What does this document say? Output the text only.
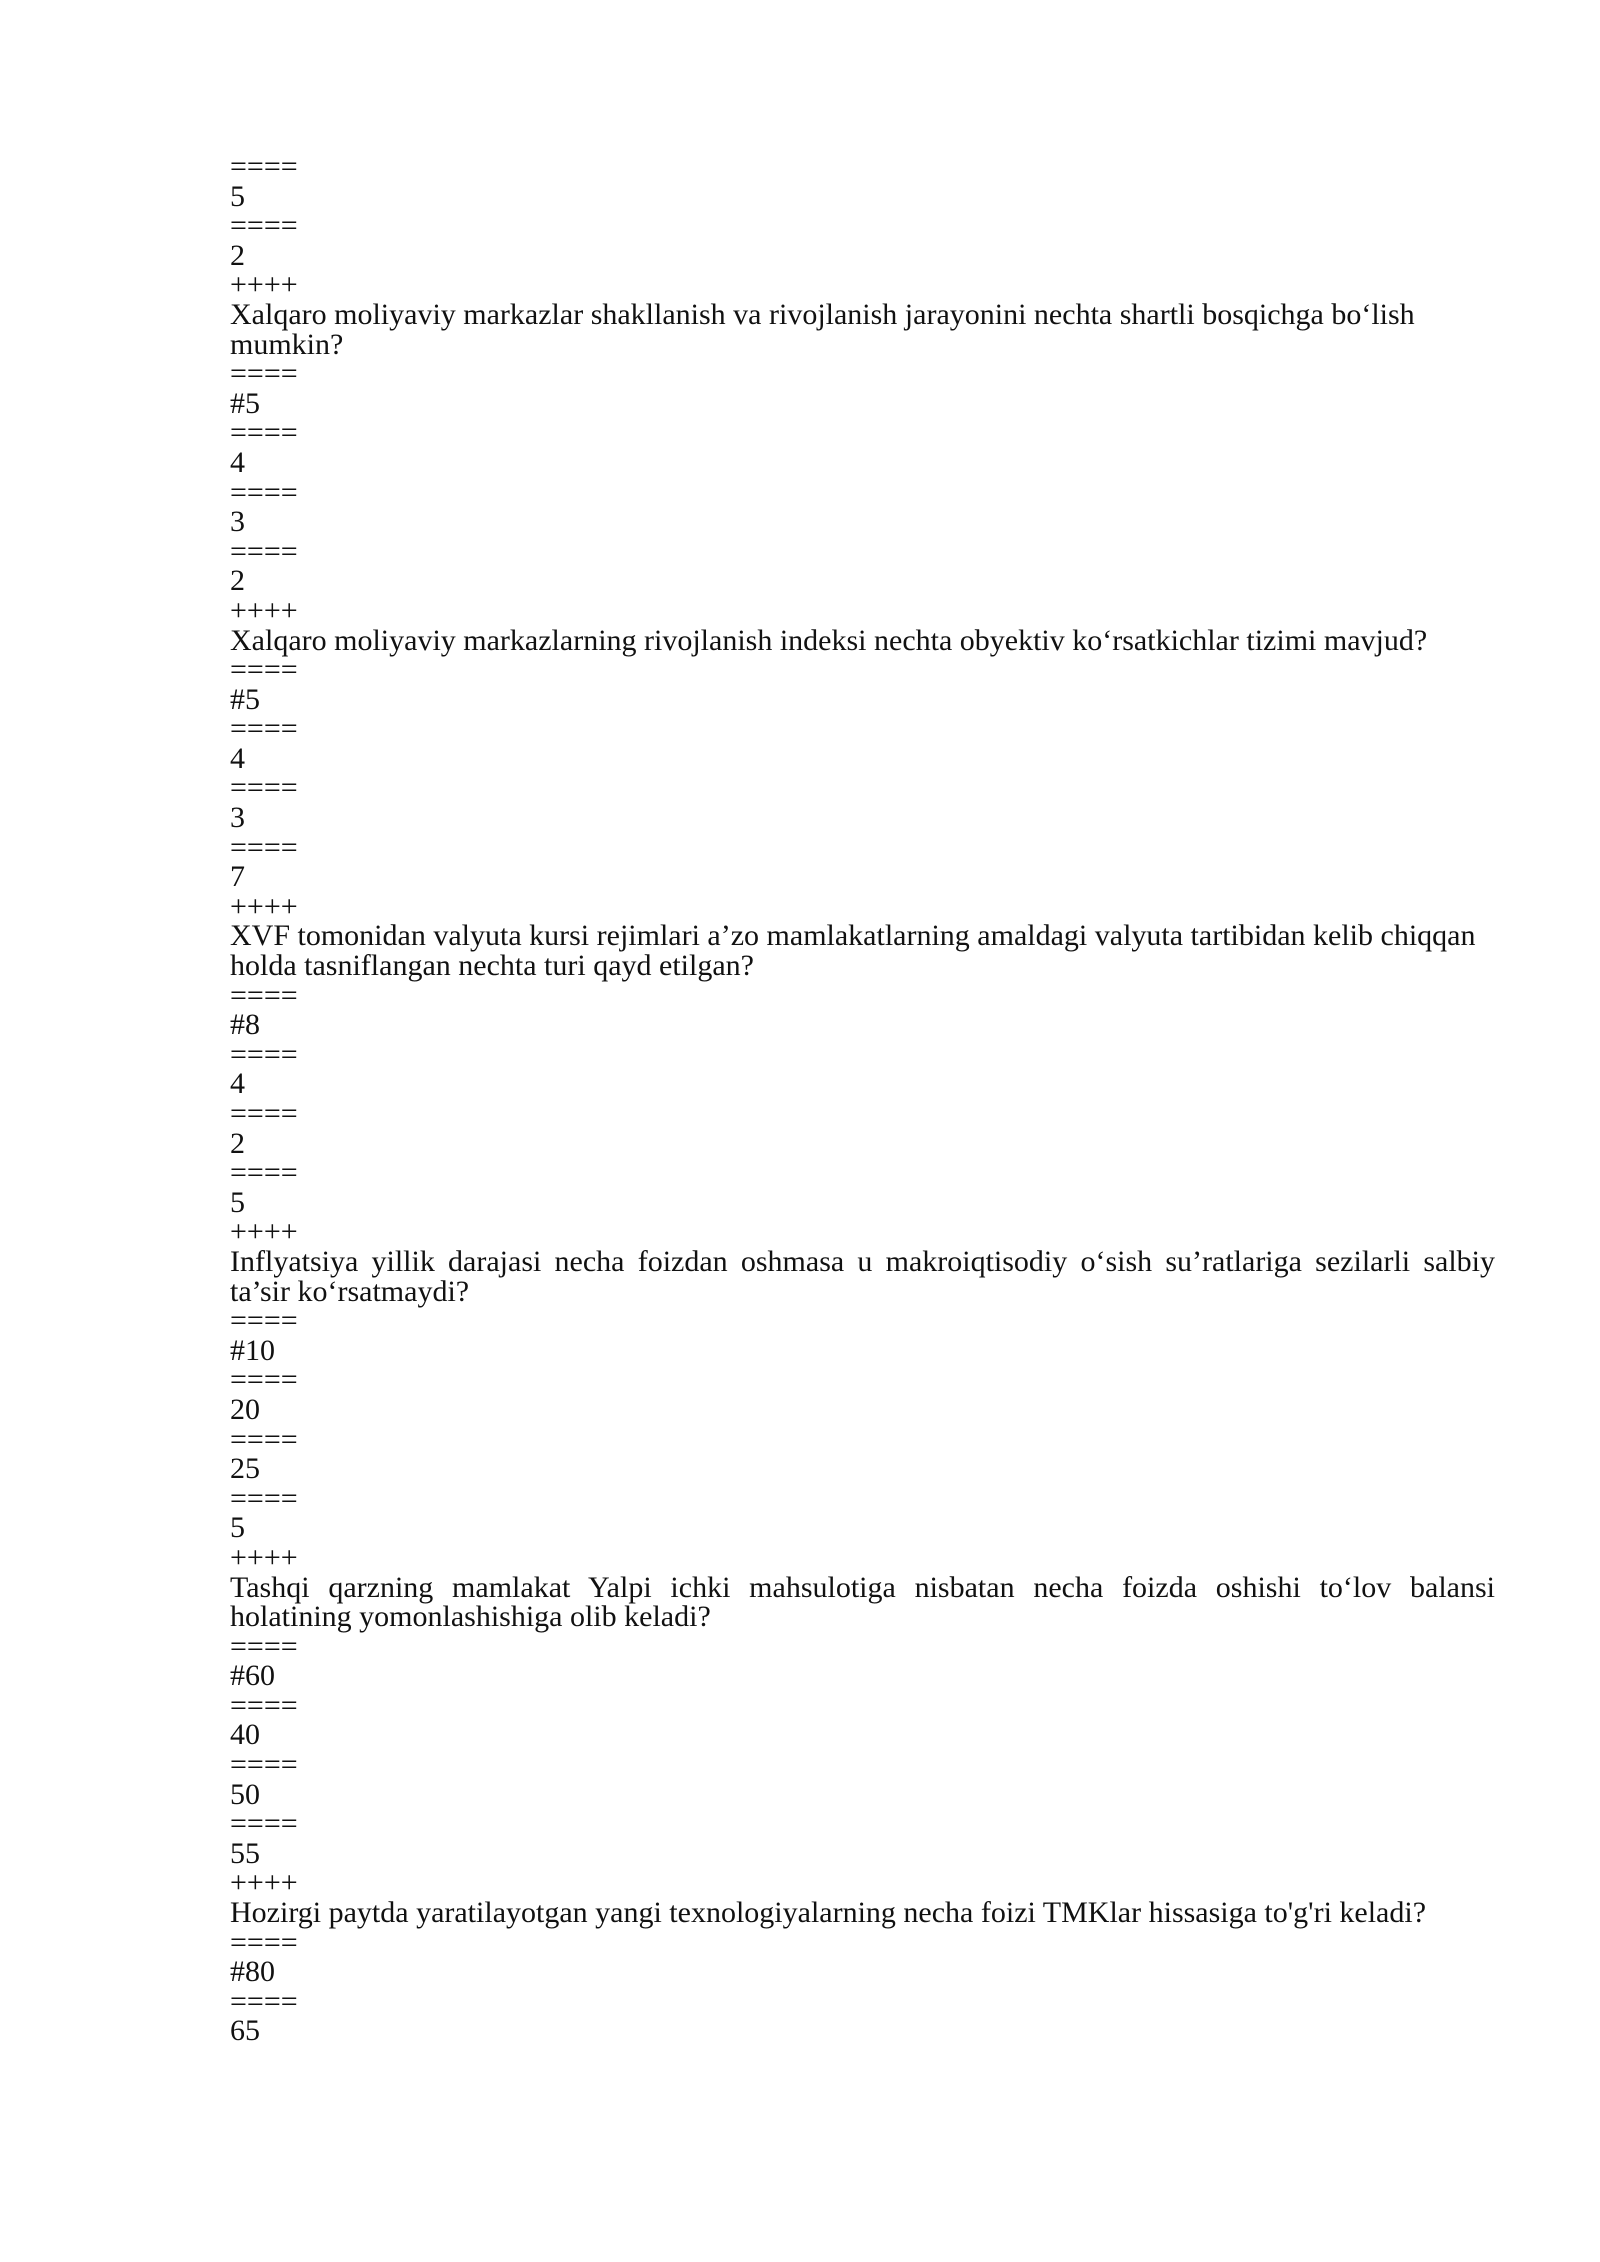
====
5
====
2
++++
Xalqaro moliyaviy markazlar shakllanish va rivojlanish jarayonini nechta shartli bosqichga bo‘lish mumkin?
====
#5
====
4
====
3
====
2
++++
Xalqaro moliyaviy markazlarning rivojlanish indeksi nechta obyektiv ko‘rsatkichlar tizimi mavjud?
====
#5
====
4
====
3
====
7
++++
XVF tomonidan valyuta kursi rejimlari a’zo mamlakatlarning amaldagi valyuta tartibidan kelib chiqqan holda tasniflangan nechta turi qayd etilgan?
====
#8
====
4
====
2
====
5
++++
Inflyatsiya yillik darajasi necha foizdan oshmasa u makroiqtisodiy o‘sish su’ratlariga sezilarli salbiy ta’sir ko‘rsatmaydi?
====
#10
====
20
====
25
====
5
++++
Tashqi qarzning mamlakat Yalpi ichki mahsulotiga nisbatan necha foizda oshishi to‘lov balansi holatining yomonlashishiga olib keladi?
====
#60
====
40
====
50
====
55
++++
Hozirgi paytda yaratilayotgan yangi texnologiyalarning necha foizi TMKlar hissasiga to'g'ri keladi?
====
#80
====
65
